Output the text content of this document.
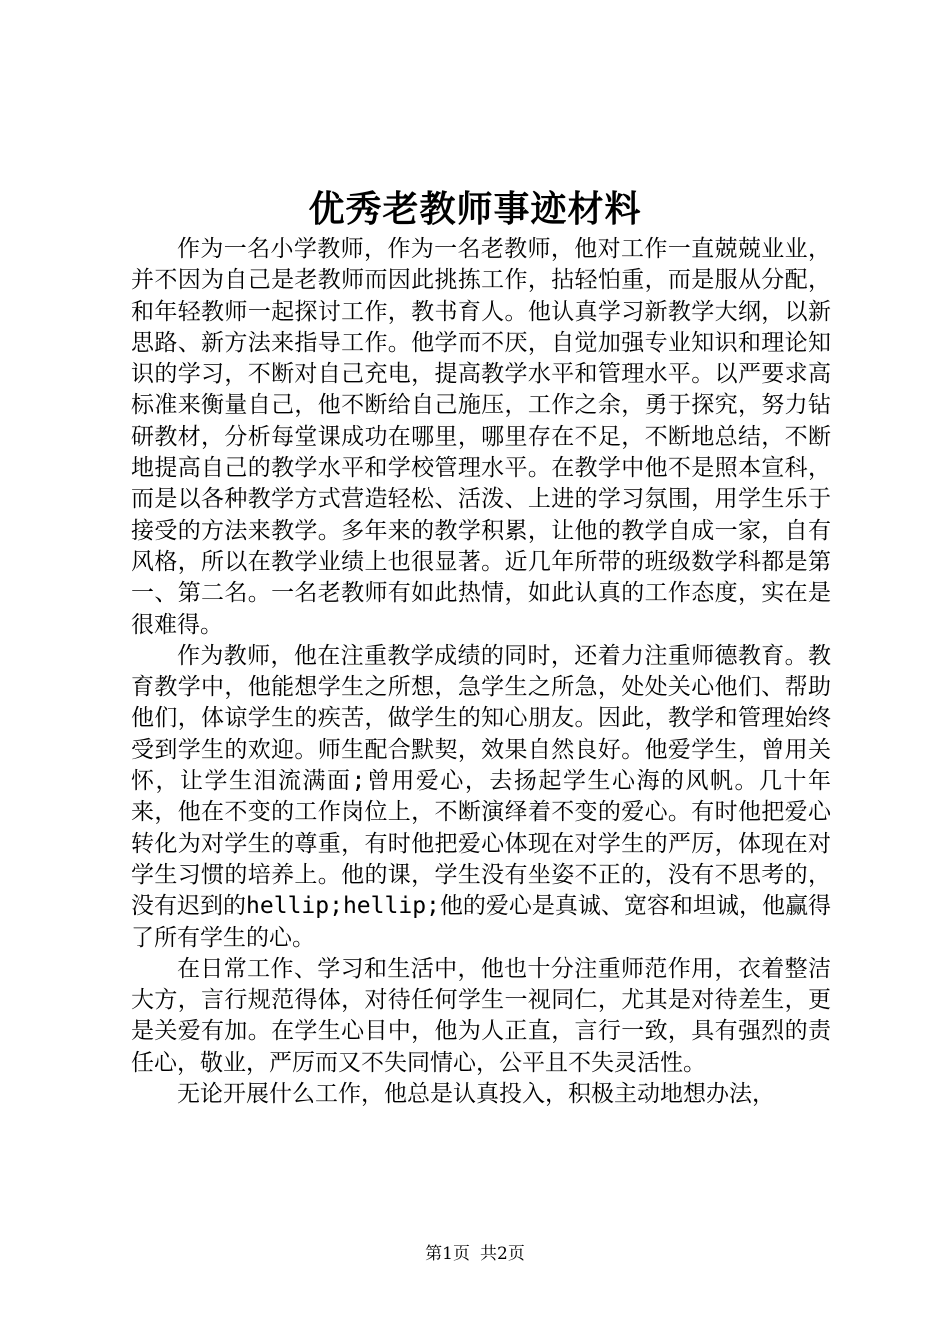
优秀老教师事迹材料

作为一名小学教师，作为一名老教师，他对工作一直兢兢业业，并不因为自己是老教师而因此挑拣工作，拈轻怕重，而是服从分配，和年轻教师一起探讨工作，教书育人。他认真学习新教学大纲，以新思路、新方法来指导工作。他学而不厌，自觉加强专业知识和理论知识的学习，不断对自己充电，提高教学水平和管理水平。以严要求高标准来衡量自己，他不断给自己施压，工作之余，勇于探究，努力钻研教材，分析每堂课成功在哪里，哪里存在不足，不断地总结，不断地提高自己的教学水平和学校管理水平。在教学中他不是照本宣科，而是以各种教学方式营造轻松、活泼、上进的学习氛围，用学生乐于接受的方法来教学。多年来的教学积累，让他的教学自成一家，自有风格，所以在教学业绩上也很显著。近几年所带的班级数学科都是第一、第二名。一名老教师有如此热情，如此认真的工作态度，实在是很难得。

作为教师，他在注重教学成绩的同时，还着力注重师德教育。教育教学中，他能想学生之所想，急学生之所急，处处关心他们、帮助他们，体谅学生的疾苦，做学生的知心朋友。因此，教学和管理始终受到学生的欢迎。师生配合默契，效果自然良好。他爱学生，曾用关怀，让学生泪流满面;曾用爱心，去扬起学生心海的风帆。几十年来，他在不变的工作岗位上，不断演绎着不变的爱心。有时他把爱心转化为对学生的尊重，有时他把爱心体现在对学生的严厉，体现在对学生习惯的培养上。他的课，学生没有坐姿不正的，没有不思考的，没有迟到的hellip;hellip;他的爱心是真诚、宽容和坦诚，他赢得了所有学生的心。

在日常工作、学习和生活中，他也十分注重师范作用，衣着整洁大方，言行规范得体，对待任何学生一视同仁，尤其是对待差生，更是关爱有加。在学生心目中，他为人正直，言行一致，具有强烈的责任心，敬业，严厉而又不失同情心，公平且不失灵活性。

无论开展什么工作，他总是认真投入，积极主动地想办法，

第1页 共2页
